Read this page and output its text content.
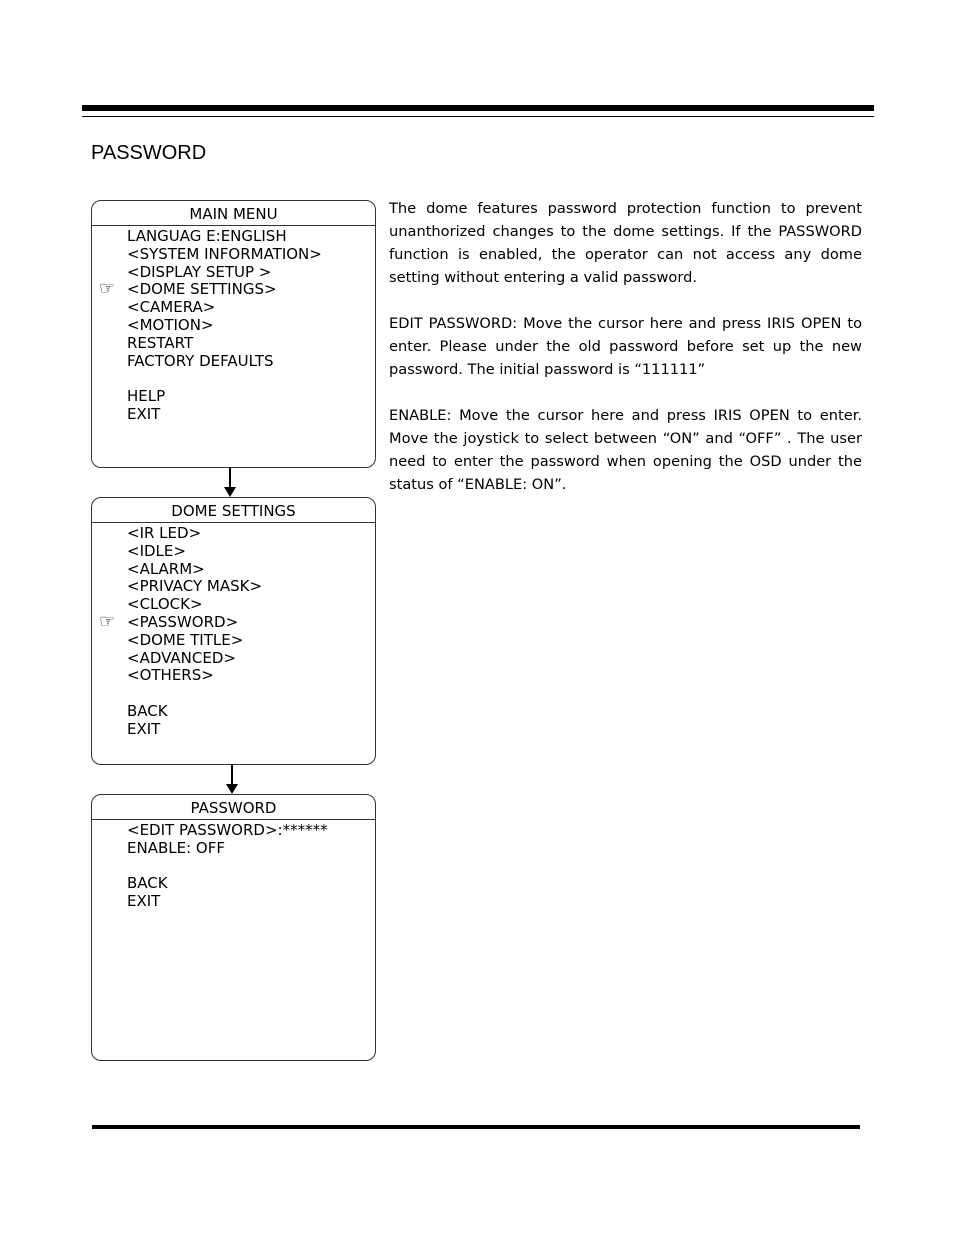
PASSWORD
MAIN MENU
LANGUAG E:ENGLISH
<SYSTEM INFORMATION>
<DISPLAY SETUP >
☞ <DOME SETTINGS>
<CAMERA>
<MOTION>
RESTART
FACTORY DEFAULTS
HELP
EXIT
DOME SETTINGS
<IR LED>
<IDLE>
<ALARM>
<PRIVACY MASK>
<CLOCK>
☞ <PASSWORD>
<DOME TITLE>
<ADVANCED>
<OTHERS>
BACK
EXIT
PASSWORD
<EDIT PASSWORD>:******
ENABLE: OFF
BACK
EXIT

The dome features password protection function to prevent unanthorized changes to the dome settings. If the PASSWORD function is enabled, the operator can not access any dome setting without entering a valid password.

EDIT PASSWORD: Move the cursor here and press IRIS OPEN to enter. Please under the old password before set up the new password. The initial password is “111111”

ENABLE: Move the cursor here and press IRIS OPEN to enter. Move the joystick to select between “ON” and “OFF” . The user need to enter the password when opening the OSD under the status of “ENABLE: ON”.
